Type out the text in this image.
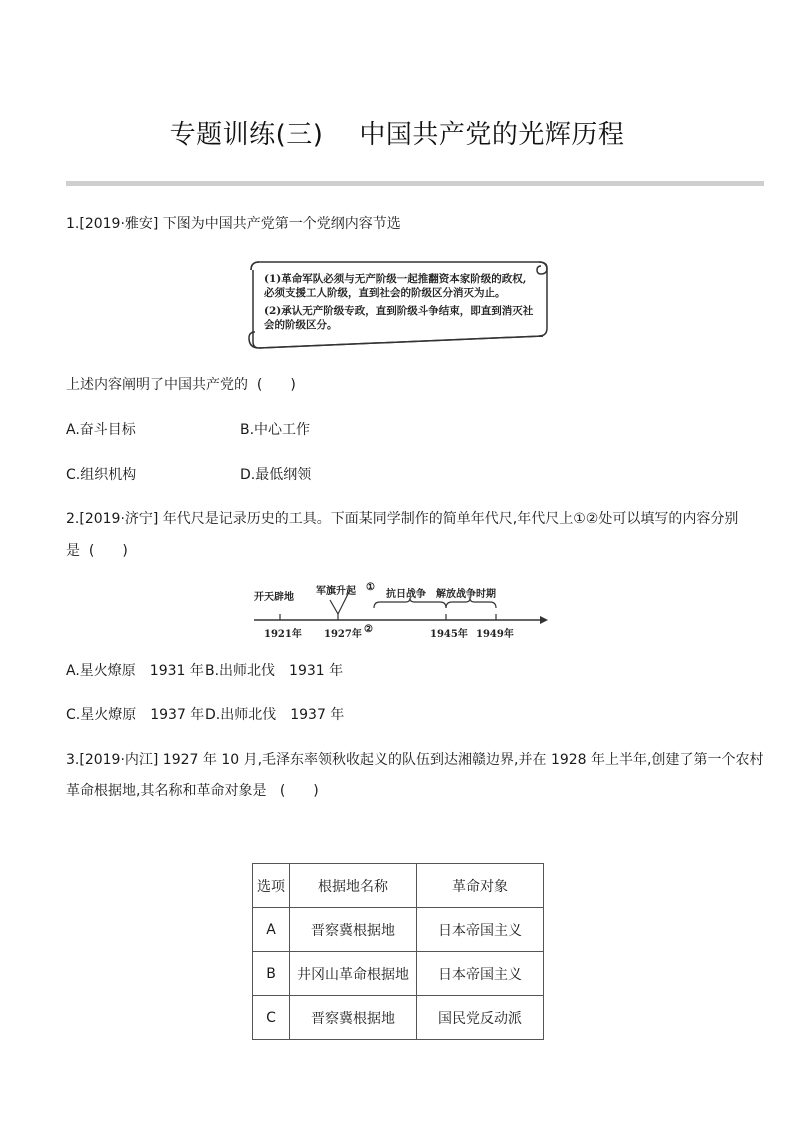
专题训练(三) 中国共产党的光辉历程
1.[2019·雅安] 下图为中国共产党第一个党纲内容节选
(1)革命军队必须与无产阶级一起推翻资本家阶级的政权,
必须支援工人阶级，直到社会的阶级区分消灭为止。
(2)承认无产阶级专政，直到阶级斗争结束，即直到消灭社
会的阶级区分。
上述内容阐明了中国共产党的 (　　)
A.奋斗目标	B.中心工作
C.组织机构	D.最低纲领
2.[2019·济宁] 年代尺是记录历史的工具。下面某同学制作的简单年代尺,年代尺上①②处可以填写的内容分别
是 (　　)
开天辟地
军旗升起 ①
抗日战争 解放战争时期
1921年 1927年 ②	1945年 1949年
A.星火燎原　1931 年 B.出师北伐　1931 年
C.星火燎原　1937 年 D.出师北伐　1937 年
3.[2019·内江] 1927 年 10 月,毛泽东率领秋收起义的队伍到达湘赣边界,并在 1928 年上半年,创建了第一个农村
革命根据地,其名称和革命对象是 (　　)
选项	根据地名称	革命对象
A	晋察冀根据地	日本帝国主义
B	井冈山革命根据地	日本帝国主义
C	晋察冀根据地	国民党反动派
